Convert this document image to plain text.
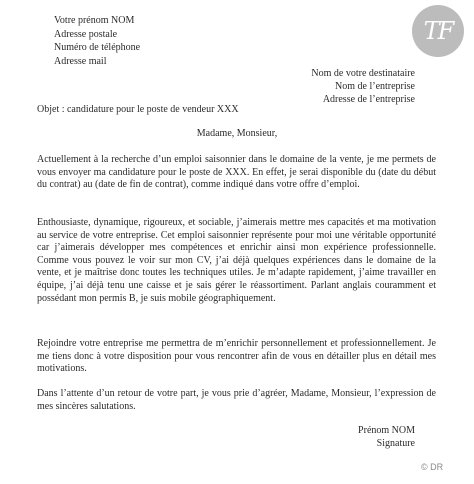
TF
Votre prénom NOM
Adresse postale
Numéro de téléphone
Adresse mail
Nom de votre destinataire
Nom de l’entreprise
Adresse de l’entreprise
Objet : candidature pour le poste de vendeur XXX
Madame, Monsieur,
Actuellement à la recherche d’un emploi saisonnier dans le domaine de la vente, je me permets de vous envoyer ma candidature pour le poste de XXX. En effet, je serai disponible du (date du début du contrat) au (date de fin de contrat), comme indiqué dans votre offre d’emploi.
Enthousiaste, dynamique, rigoureux, et sociable, j’aimerais mettre mes capacités et ma motivation au service de votre entreprise. Cet emploi saisonnier représente pour moi une véritable opportunité car j’aimerais développer mes compétences et enrichir ainsi mon expérience professionnelle. Comme vous pouvez le voir sur mon CV, j’ai déjà quelques expériences dans le domaine de la vente, et je maîtrise donc toutes les techniques utiles. Je m’adapte rapidement, j’aime travailler en équipe, j’ai déjà tenu une caisse et je sais gérer le réassortiment. Parlant anglais couramment et possédant mon permis B, je suis mobile géographiquement.
Rejoindre votre entreprise me permettra de m’enrichir personnellement et professionnellement. Je me tiens donc à votre disposition pour vous rencontrer afin de vous en détailler plus en détail mes motivations.
Dans l’attente d’un retour de votre part, je vous prie d’agréer, Madame, Monsieur, l’expression de mes sincères salutations.
Prénom NOM
Signature
© DR
